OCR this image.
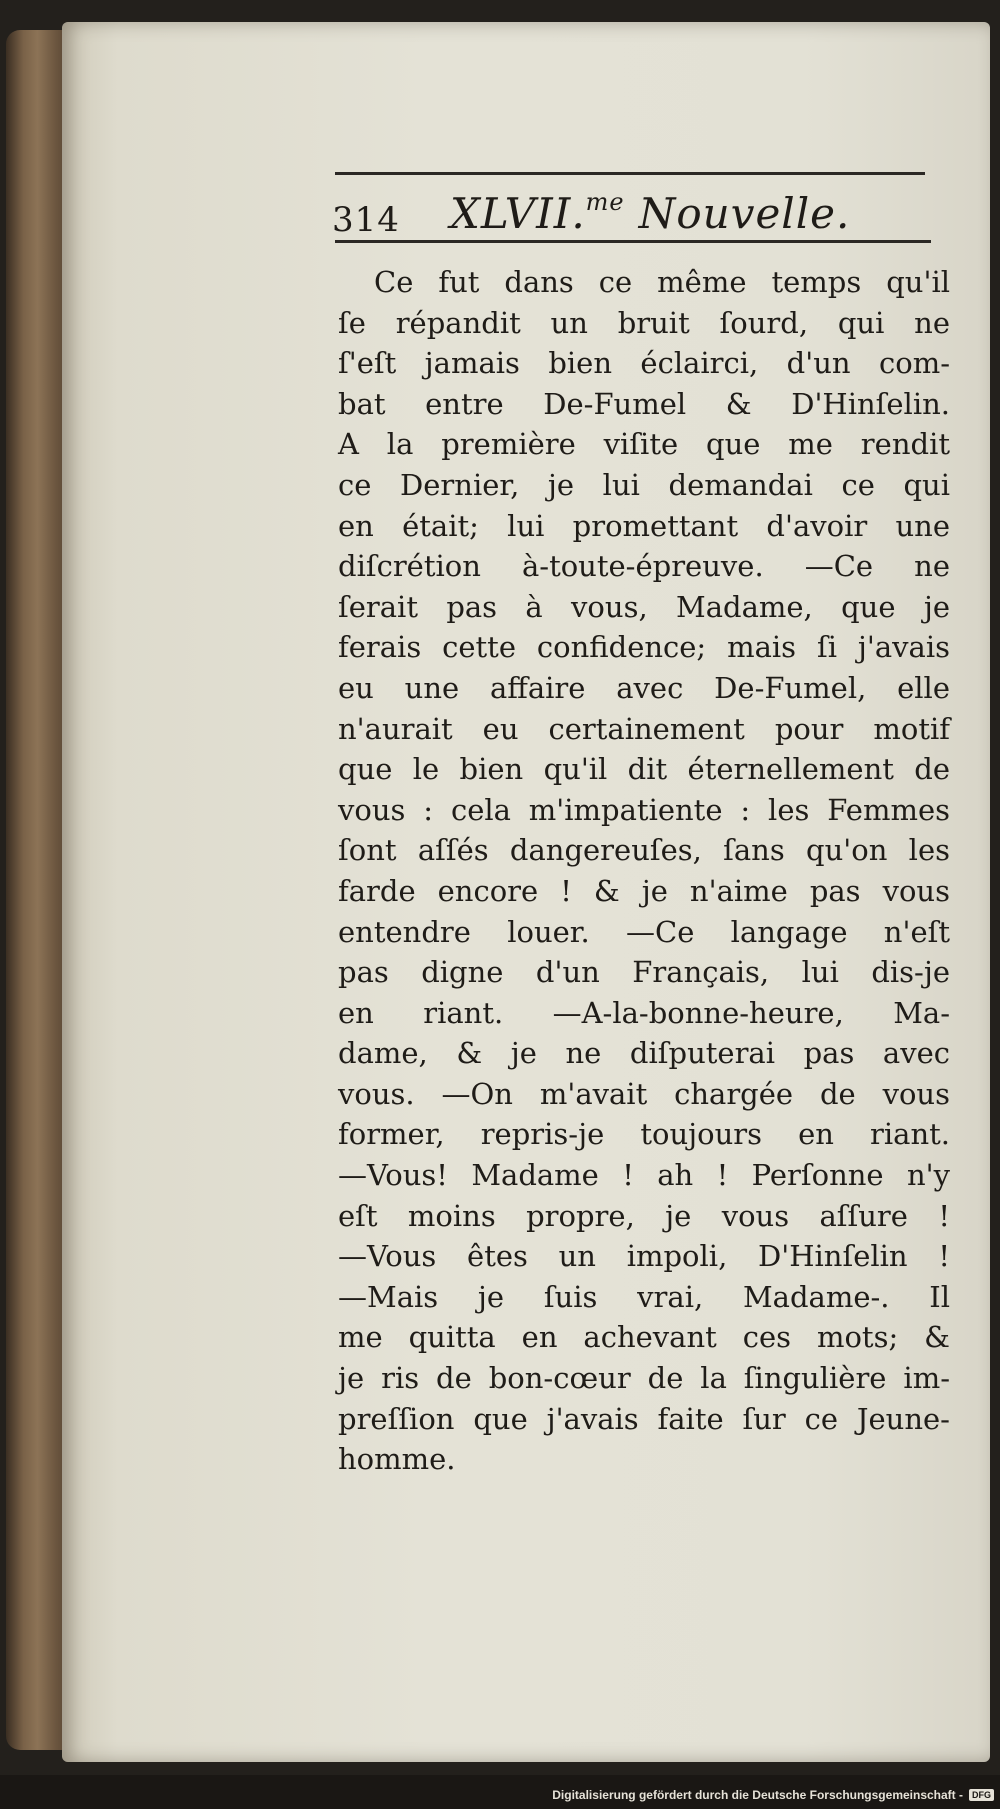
314 XLVII.$^{me}$ Nouvelle.
Ce fut dans ce même temps qu'il
ſe répandit un bruit ſourd, qui ne
ſ'eſt jamais bien éclairci, d'un com-
bat entre De-Fumel & D'Hinſelin.
A la première viſite que me rendit
ce Dernier, je lui demandai ce qui
en était; lui promettant d'avoir une
diſcrétion à-toute-épreuve. —Ce ne
ſerait pas à vous, Madame, que je
ferais cette confidence; mais ſi j'avais
eu une affaire avec De-Fumel, elle
n'aurait eu certainement pour motif
que le bien qu'il dit éternellement de
vous : cela m'impatiente : les Femmes
ſont aſſés dangereuſes, ſans qu'on les
farde encore ! & je n'aime pas vous
entendre louer. —Ce langage n'eſt
pas digne d'un Français, lui dis-je
en riant. —A-la-bonne-heure, Ma-
dame, & je ne diſputerai pas avec
vous. —On m'avait chargée de vous
former, repris-je toujours en riant.
—Vous! Madame ! ah ! Perſonne n'y
eſt moins propre, je vous aſſure !
—Vous êtes un impoli, D'Hinſelin !
—Mais je ſuis vrai, Madame-. Il
me quitta en achevant ces mots; &
je ris de bon-cœur de la ſingulière im-
preſſion que j'avais faite ſur ce Jeune-
homme.
Digitalisierung gefördert durch die Deutsche Forschungsgemeinschaft -	DFG
